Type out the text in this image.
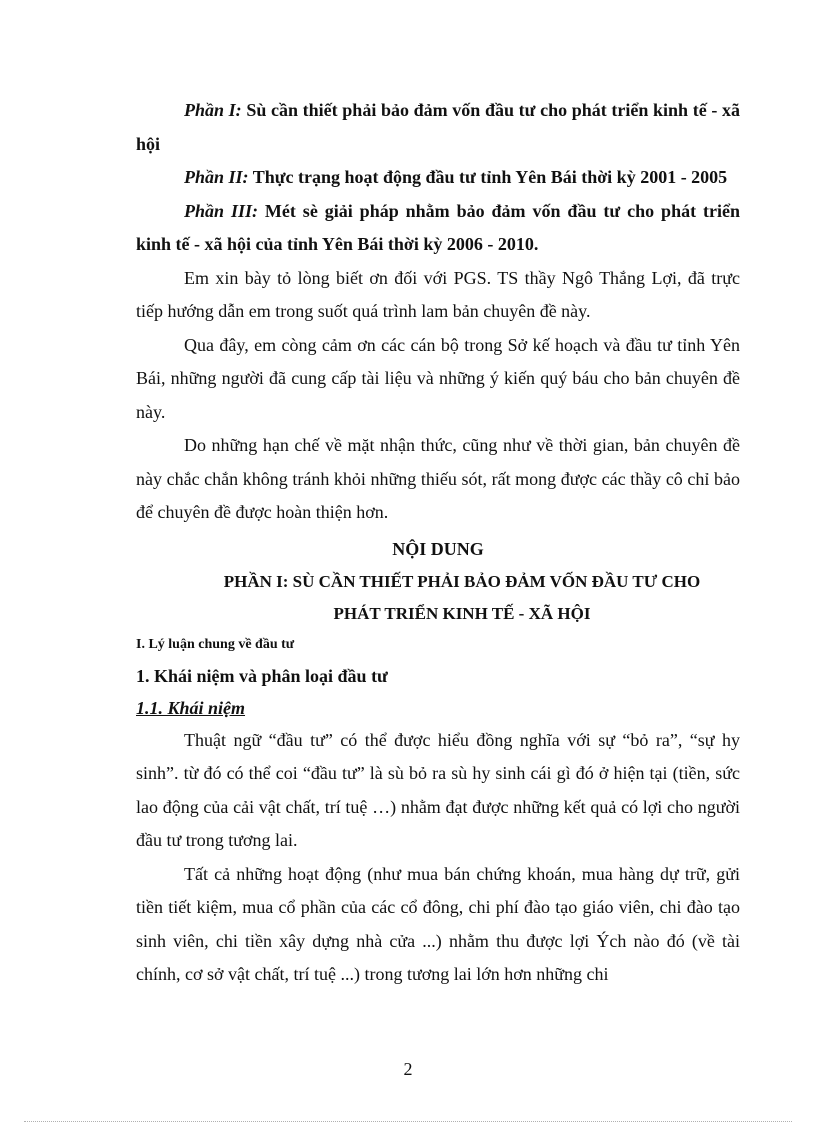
Phần I: Sù cần thiết phải bảo đảm vốn đầu tư cho phát triển kinh tế - xã hội

Phần II: Thực trạng hoạt động đầu tư tỉnh Yên Bái thời kỳ 2001 - 2005

Phần III: Mét sè giải pháp nhằm bảo đảm vốn đầu tư cho phát triển kinh tế - xã hội của tỉnh Yên Bái thời kỳ 2006 - 2010.

Em xin bày tỏ lòng biết ơn đối với PGS. TS thầy Ngô Thắng Lợi, đã trực tiếp hướng dẫn em trong suốt quá trình lam bản chuyên đề này.

Qua đây, em còng cảm ơn các cán bộ trong Sở kế hoạch và đầu tư tỉnh Yên Bái, những người đã cung cấp tài liệu và những ý kiến quý báu cho bản chuyên đề này.

Do những hạn chế về mặt nhận thức, cũng như về thời gian, bản chuyên đề này chắc chắn không tránh khỏi những thiếu sót, rất mong được các thầy cô chỉ bảo để chuyên đề được hoàn thiện hơn.

NỘI DUNG
PHẦN I: SÙ CẦN THIẾT PHẢI BẢO ĐẢM VỐN ĐẦU TƯ CHO
PHÁT TRIỂN KINH TẾ - XÃ HỘI
I. Lý luận chung về đầu tư
1. Khái niệm và phân loại đầu tư
1.1. Khái niệm

Thuật ngữ “đầu tư” có thể được hiểu đồng nghĩa với sự “bỏ ra”, “sự hy sinh”. từ đó có thể coi “đầu tư” là sù bỏ ra sù hy sinh cái gì đó ở hiện tại (tiền, sức lao động của cải vật chất, trí tuệ …) nhằm đạt được những kết quả có lợi cho người đầu tư trong tương lai.

Tất cả những hoạt động (như mua bán chứng khoán, mua hàng dự trữ, gửi tiền tiết kiệm, mua cổ phần của các cổ đông, chi phí đào tạo giáo viên, chi đào tạo sinh viên, chi tiền xây dựng nhà cửa ...) nhằm thu được lợi Ých nào đó (về tài chính, cơ sở vật chất, trí tuệ ...) trong tương lai lớn hơn những chi

2
